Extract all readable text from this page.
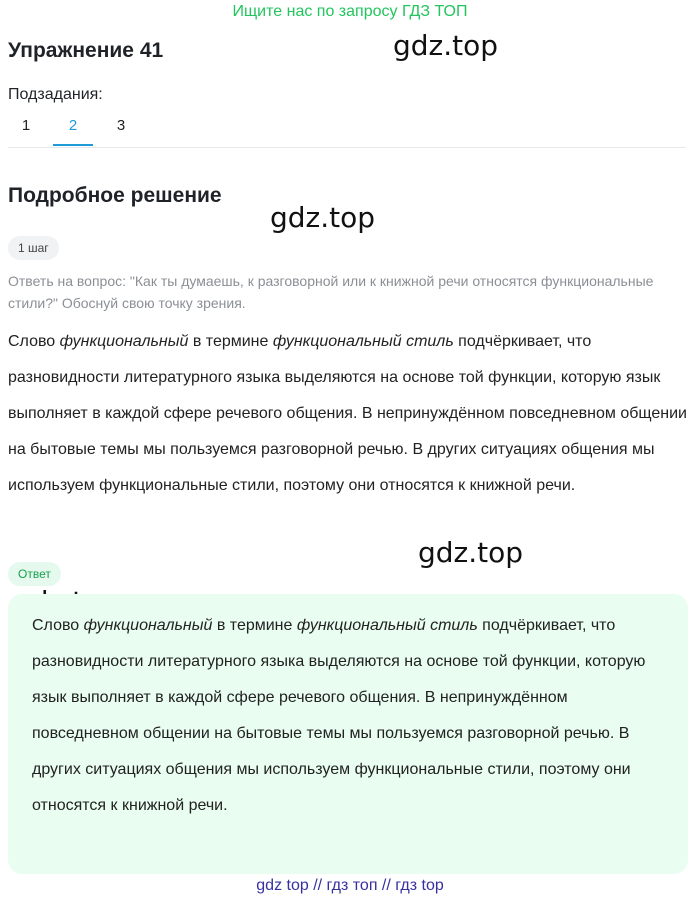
Ищите нас по запросу ГДЗ ТОП
Упражнение 41	gdz.top
gdz.top
gdz.top
Подзадания:
1	2	3
Подробное решение
1 шаг
Ответь на вопрос: "Как ты думаешь, к разговорной или к книжной речи относятся функциональные стили?" Обоснуй свою точку зрения.
Слово функциональный в термине функциональный стиль подчёркивает, что разновидности литературного языка выделяются на основе той функции, которую язык выполняет в каждой сфере речевого общения. В непринуждённом повседневном общении на бытовые темы мы пользуемся разговорной речью. В других ситуациях общения мы используем функциональные стили, поэтому они относятся к книжной речи.
Ответ
Слово функциональный в термине функциональный стиль подчёркивает, что разновидности литературного языка выделяются на основе той функции, которую язык выполняет в каждой сфере речевого общения. В непринуждённом повседневном общении на бытовые темы мы пользуемся разговорной речью. В других ситуациях общения мы используем функциональные стили, поэтому они относятся к книжной речи.
gdz top // гдз топ // гдз top
